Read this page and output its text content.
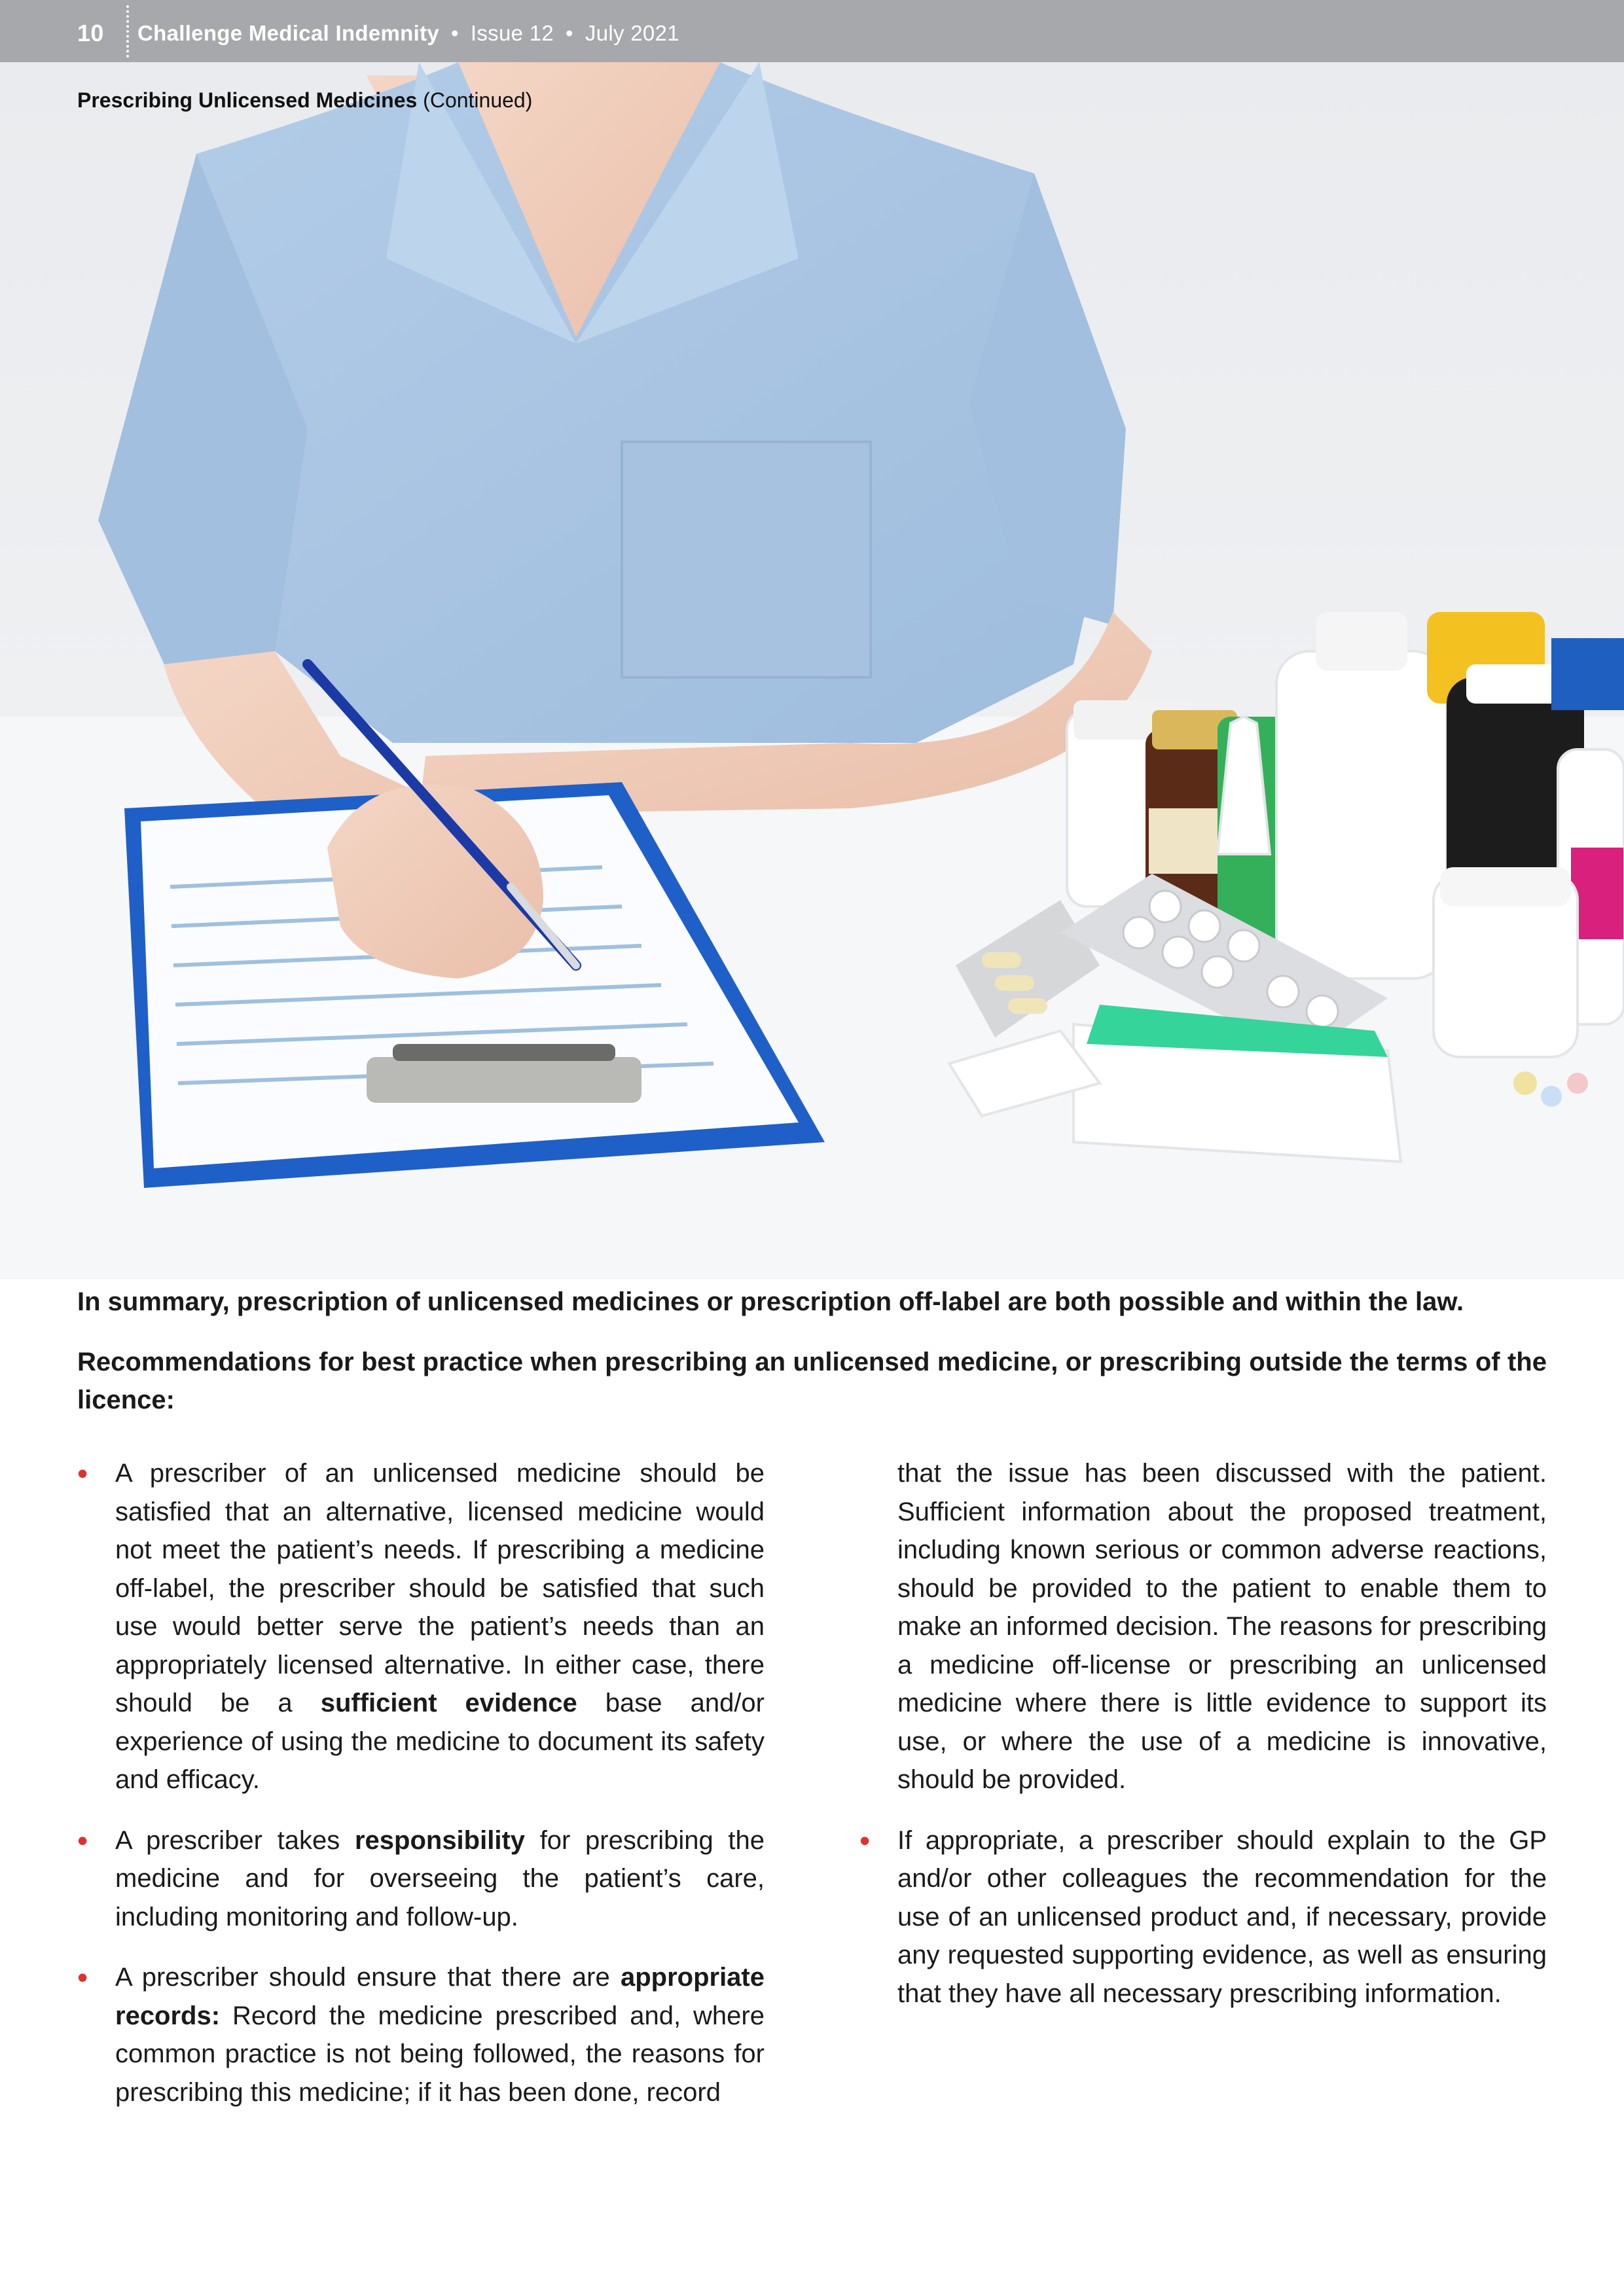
10 Challenge Medical Indemnity • Issue 12 • July 2021
Prescribing Unlicensed Medicines (Continued)
In summary, prescription of unlicensed medicines or prescription off-label are both possible and within the law.
Recommendations for best practice when prescribing an unlicensed medicine, or prescribing outside the terms of the licence:
• A prescriber of an unlicensed medicine should be satisfied that an alternative, licensed medicine would not meet the patient’s needs. If prescribing a medicine off-label, the prescriber should be satisfied that such use would better serve the patient’s needs than an appropriately licensed alternative. In either case, there should be a sufficient evidence base and/or experience of using the medicine to document its safety and efficacy.
• A prescriber takes responsibility for prescribing the medicine and for overseeing the patient’s care, including monitoring and follow-up.
• A prescriber should ensure that there are appropriate records: Record the medicine prescribed and, where common practice is not being followed, the reasons for prescribing this medicine; if it has been done, record
that the issue has been discussed with the patient. Sufficient information about the proposed treatment, including known serious or common adverse reactions, should be provided to the patient to enable them to make an informed decision. The reasons for prescribing a medicine off-license or prescribing an unlicensed medicine where there is little evidence to support its use, or where the use of a medicine is innovative, should be provided.
• If appropriate, a prescriber should explain to the GP and/or other colleagues the recommendation for the use of an unlicensed product and, if necessary, provide any requested supporting evidence, as well as ensuring that they have all necessary prescribing information.
